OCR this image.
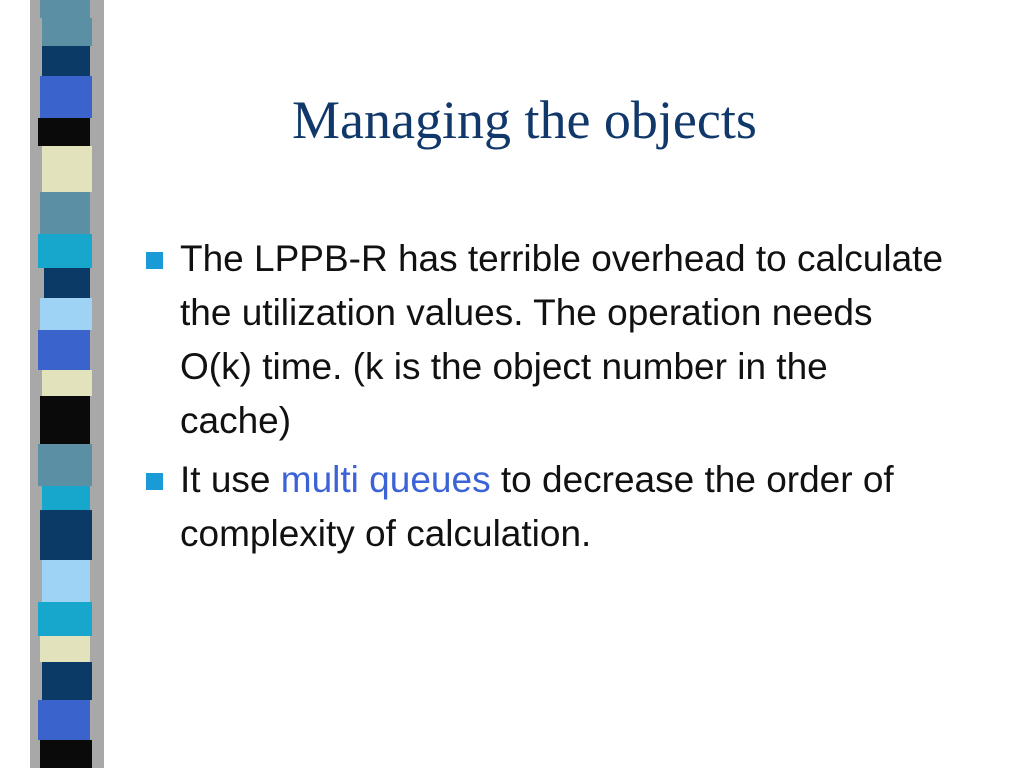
Managing the objects
The LPPB-R has terrible overhead to calculate the utilization values. The operation needs O(k) time. (k is the object number in the cache)
It use multi queues to decrease the order of complexity of calculation.
